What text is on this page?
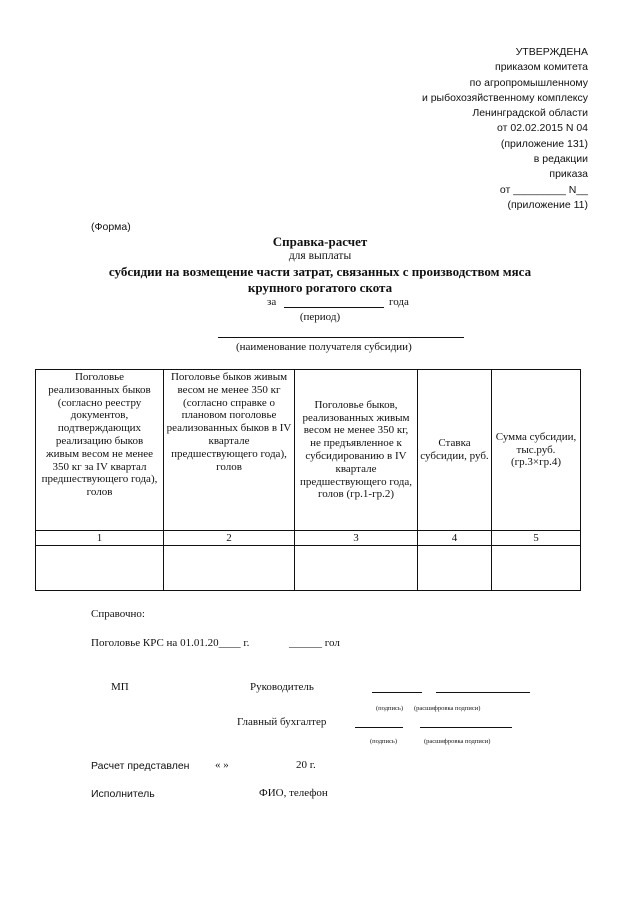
УТВЕРЖДЕНА
приказом комитета
по агропромышленному
и рыбохозяйственному комплексу
Ленинградской области
от 02.02.2015 N 04
(приложение 131)
в редакции
приказа
от _________ N__
(приложение 11)
(Форма)
Справка-расчет
для выплаты
субсидии на возмещение части затрат, связанных с производством мяса
крупного рогатого скота
за	года
(период)
(наименование получателя субсидии)
Поголовье реализованных быков (согласно реестру документов, подтверждающих реализацию быков живым весом не менее 350 кг за IV квартал предшествующего года), голов	Поголовье быков живым весом не менее 350 кг (согласно справке о плановом поголовье реализованных быков в IV квартале предшествующего года), голов	Поголовье быков, реализованных живым весом не менее 350 кг, не предъявленное к субсидированию в IV квартале предшествующего года, голов (гр.1-гр.2)	Ставка субсидии, руб.	Сумма субсидии, тыс.руб. (гр.3×гр.4)
1	2	3	4	5

Справочно:
Поголовье КРС на 01.01.20____ г.	______ гол
МП	Руководитель
(подпись) (расшифровка подписи)
Главный бухгалтер
(подпись)	(расшифровка подписи)
Расчет представлен « »	20 г.
Исполнитель	ФИО, телефон
